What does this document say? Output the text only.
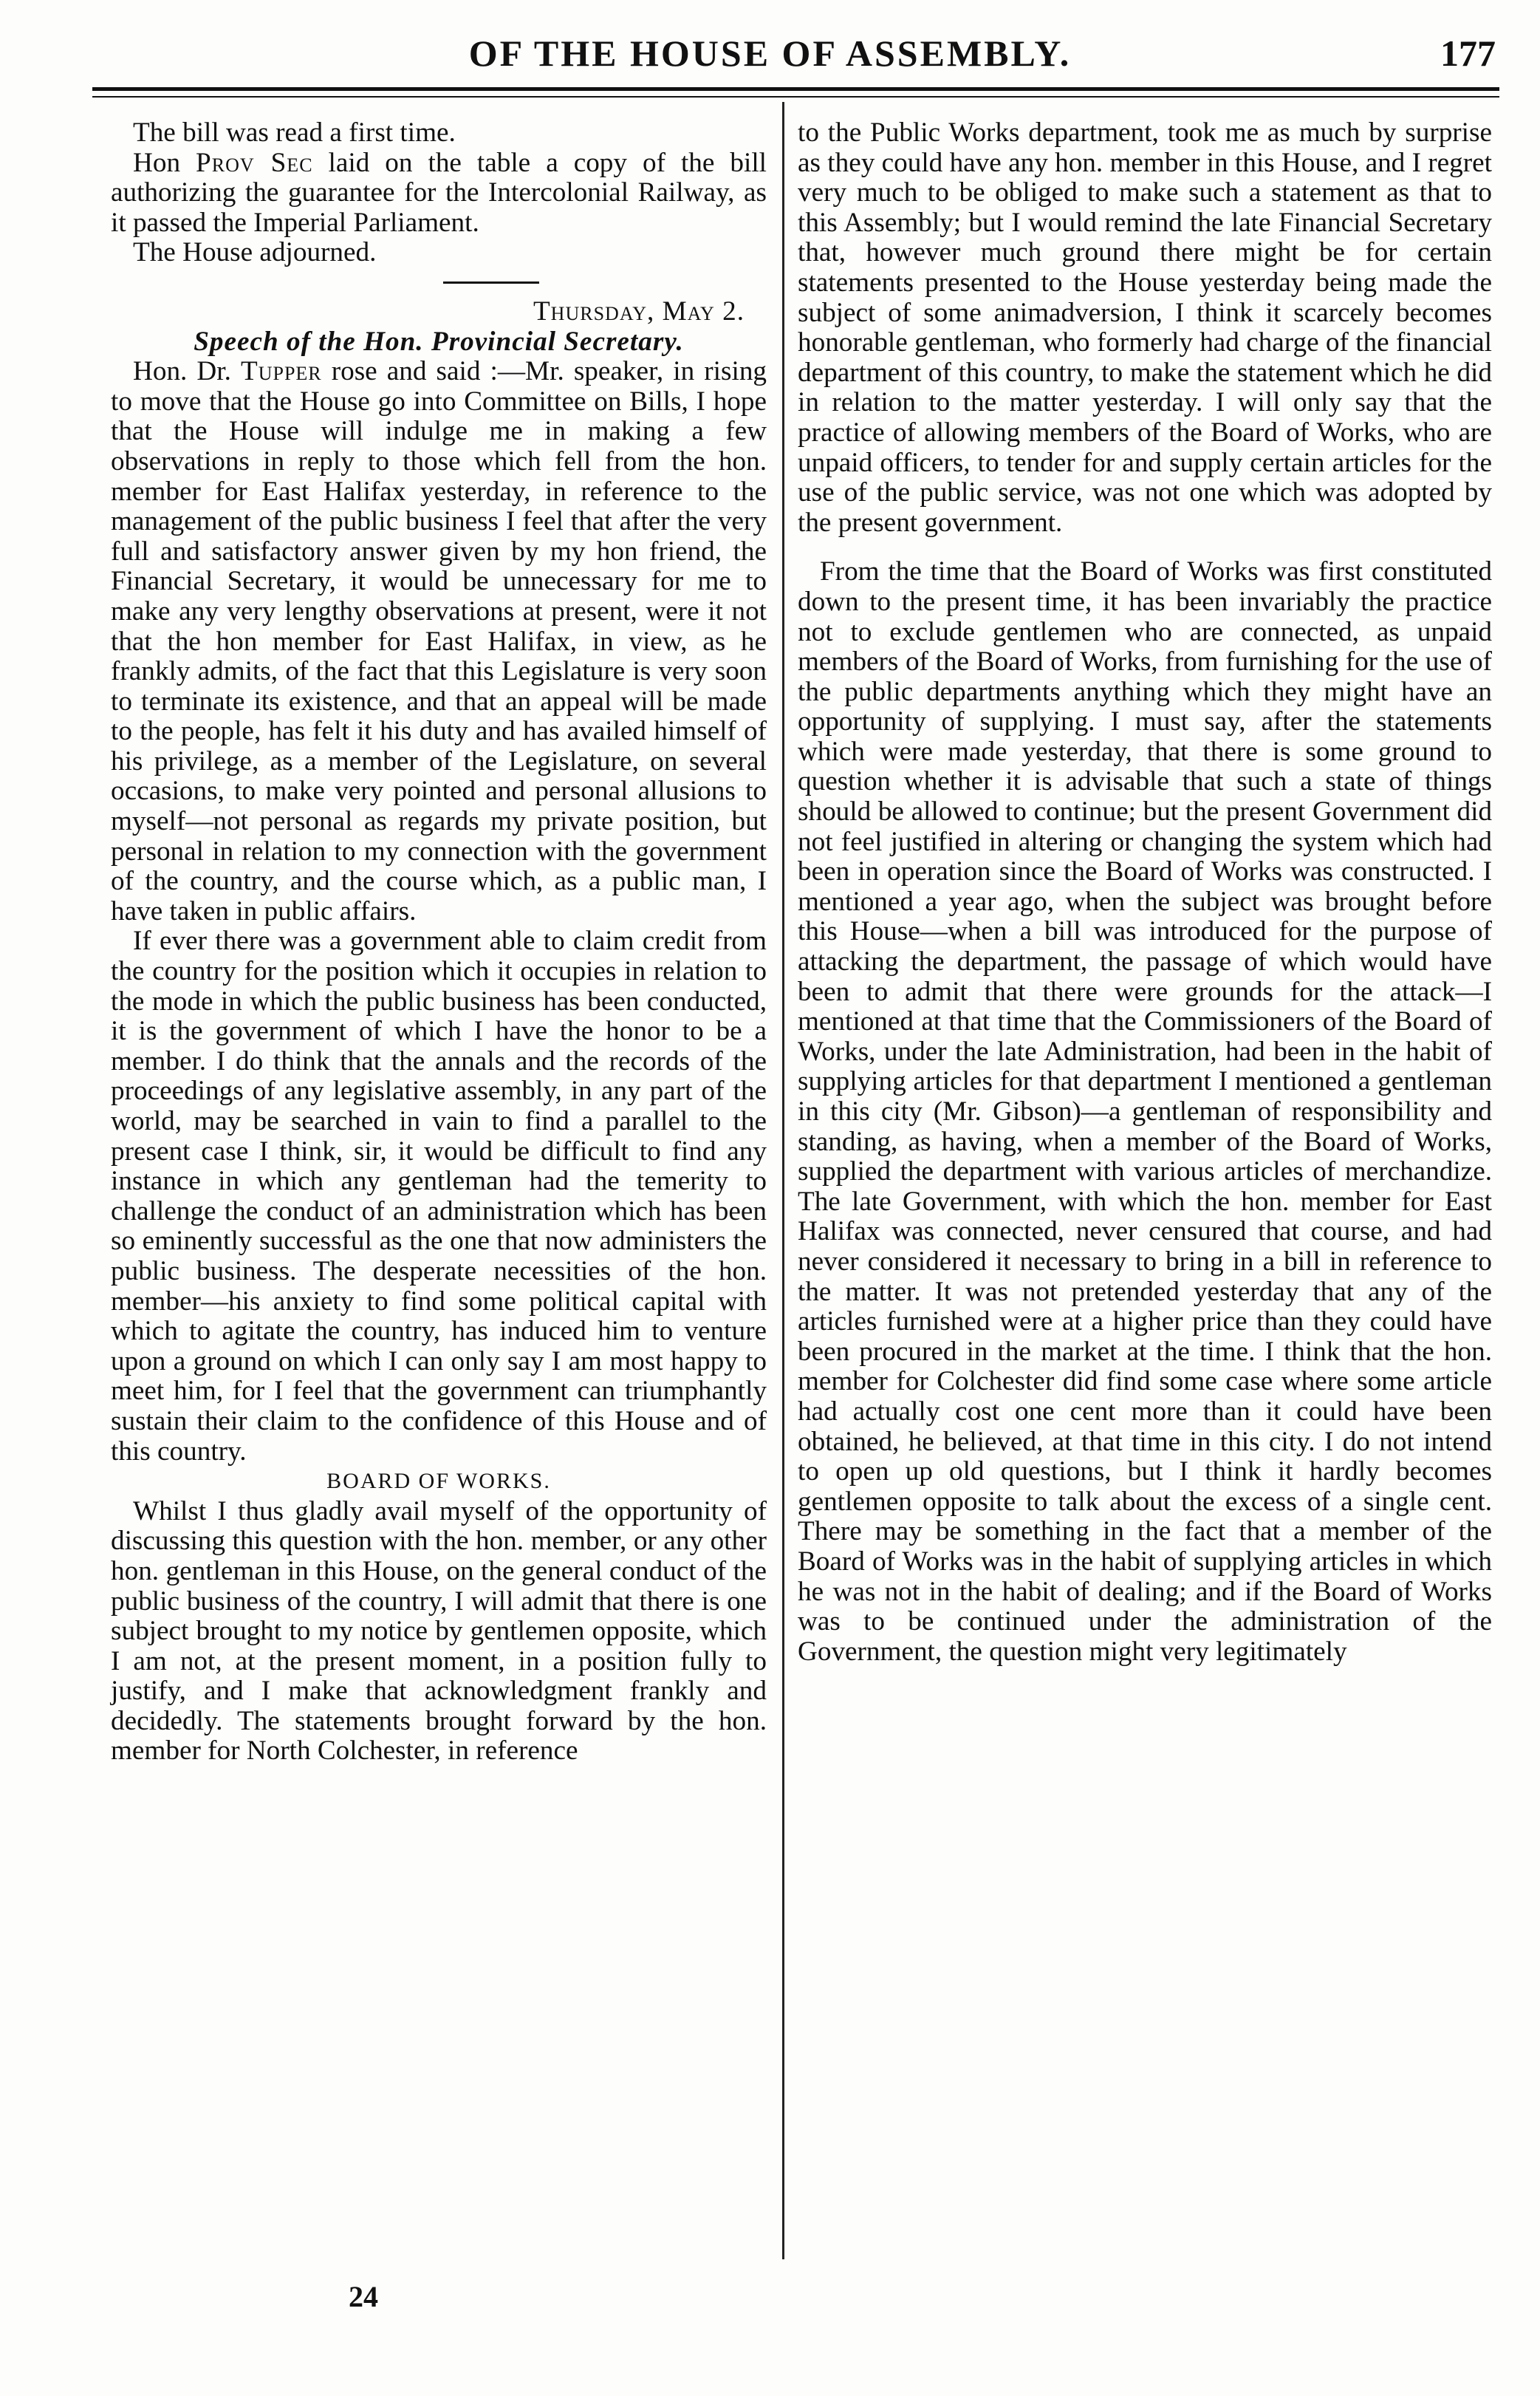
OF THE HOUSE OF ASSEMBLY.	177

The bill was read a first time.

Hon Prov Sec laid on the table a copy of the bill authorizing the guarantee for the Intercolonial Railway, as it passed the Imperial Parliament.

The House adjourned.

Thursday, May 2.

Speech of the Hon. Provincial Secretary.

Hon. Dr. Tupper rose and said :—Mr. speaker, in rising to move that the House go into Committee on Bills, I hope that the House will indulge me in making a few observations in reply to those which fell from the hon. member for East Halifax yesterday, in reference to the management of the public business I feel that after the very full and satisfactory answer given by my hon friend, the Financial Secretary, it would be unnecessary for me to make any very lengthy observations at present, were it not that the hon member for East Halifax, in view, as he frankly admits, of the fact that this Legislature is very soon to terminate its existence, and that an appeal will be made to the people, has felt it his duty and has availed himself of his privilege, as a member of the Legislature, on several occasions, to make very pointed and personal allusions to myself—not personal as regards my private position, but personal in relation to my connection with the government of the country, and the course which, as a public man, I have taken in public affairs.

If ever there was a government able to claim credit from the country for the position which it occupies in relation to the mode in which the public business has been conducted, it is the government of which I have the honor to be a member. I do think that the annals and the records of the proceedings of any legislative assembly, in any part of the world, may be searched in vain to find a parallel to the present case I think, sir, it would be difficult to find any instance in which any gentleman had the temerity to challenge the conduct of an administration which has been so eminently successful as the one that now administers the public business. The desperate necessities of the hon. member—his anxiety to find some political capital with which to agitate the country, has induced him to venture upon a ground on which I can only say I am most happy to meet him, for I feel that the government can triumphantly sustain their claim to the confidence of this House and of this country.

BOARD OF WORKS.

Whilst I thus gladly avail myself of the opportunity of discussing this question with the hon. member, or any other hon. gentleman in this House, on the general conduct of the public business of the country, I will admit that there is one subject brought to my notice by gentlemen opposite, which I am not, at the present moment, in a position fully to justify, and I make that acknowledgment frankly and decidedly. The statements brought forward by the hon. member for North Colchester, in reference

to the Public Works department, took me as much by surprise as they could have any hon. member in this House, and I regret very much to be obliged to make such a statement as that to this Assembly; but I would remind the late Financial Secretary that, however much ground there might be for certain statements presented to the House yesterday being made the subject of some animadversion, I think it scarcely becomes honorable gentleman, who formerly had charge of the financial department of this country, to make the statement which he did in relation to the matter yesterday. I will only say that the practice of allowing members of the Board of Works, who are unpaid officers, to tender for and supply certain articles for the use of the public service, was not one which was adopted by the present government.

From the time that the Board of Works was first constituted down to the present time, it has been invariably the practice not to exclude gentlemen who are connected, as unpaid members of the Board of Works, from furnishing for the use of the public departments anything which they might have an opportunity of supplying. I must say, after the statements which were made yesterday, that there is some ground to question whether it is advisable that such a state of things should be allowed to continue; but the present Government did not feel justified in altering or changing the system which had been in operation since the Board of Works was constructed. I mentioned a year ago, when the subject was brought before this House—when a bill was introduced for the purpose of attacking the department, the passage of which would have been to admit that there were grounds for the attack—I mentioned at that time that the Commissioners of the Board of Works, under the late Administration, had been in the habit of supplying articles for that department I mentioned a gentleman in this city (Mr. Gibson)—a gentleman of responsibility and standing, as having, when a member of the Board of Works, supplied the department with various articles of merchandize. The late Government, with which the hon. member for East Halifax was connected, never censured that course, and had never considered it necessary to bring in a bill in reference to the matter. It was not pretended yesterday that any of the articles furnished were at a higher price than they could have been procured in the market at the time. I think that the hon. member for Colchester did find some case where some article had actually cost one cent more than it could have been obtained, he believed, at that time in this city. I do not intend to open up old questions, but I think it hardly becomes gentlemen opposite to talk about the excess of a single cent. There may be something in the fact that a member of the Board of Works was in the habit of supplying articles in which he was not in the habit of dealing; and if the Board of Works was to be continued under the administration of the Government, the question might very legitimately

24
